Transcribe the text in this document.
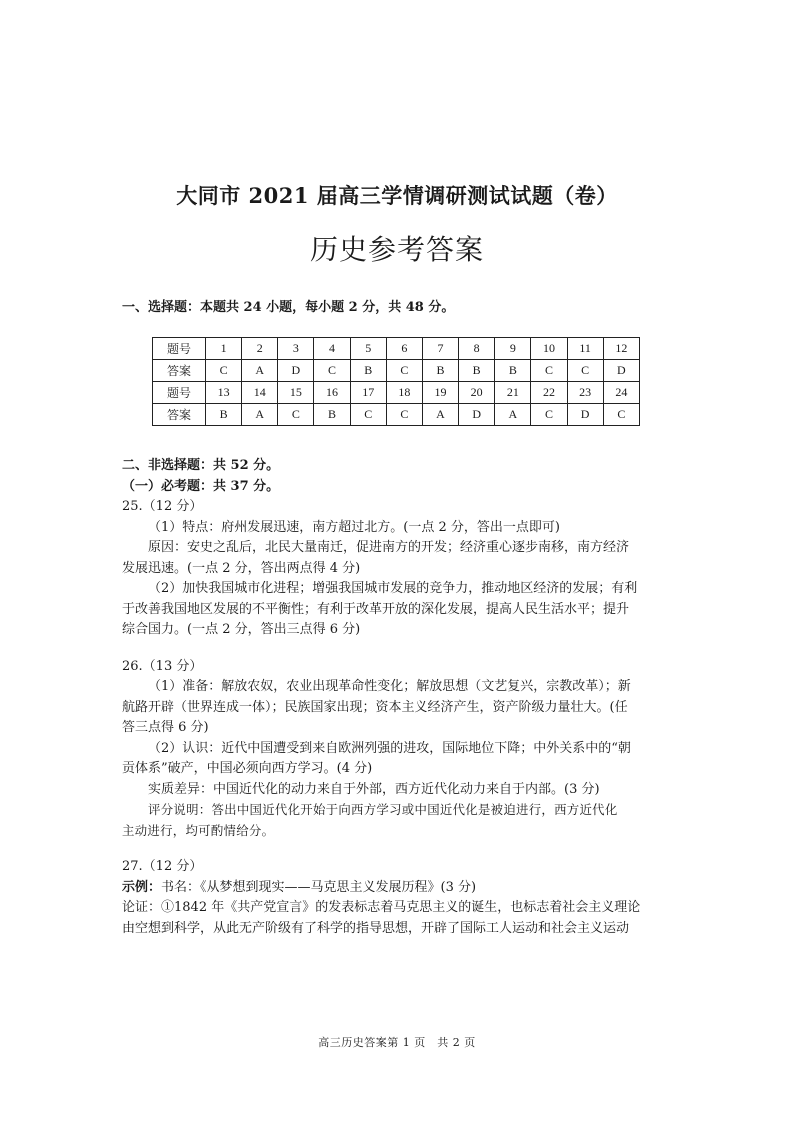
大同市 2021 届高三学情调研测试试题（卷）
历史参考答案
一、选择题：本题共 24 小题，每小题 2 分，共 48 分。
题号	1	2	3	4	5	6	7	8	9	10	11	12
答案	C	A	D	C	B	C	B	B	B	C	C	D
题号	13	14	15	16	17	18	19	20	21	22	23	24
答案	B	A	C	B	C	C	A	D	A	C	D	C
二、非选择题：共 52 分。
（一）必考题：共 37 分。
25.（12 分）
（1）特点：府州发展迅速，南方超过北方。(一点 2 分，答出一点即可)
原因：安史之乱后，北民大量南迁，促进南方的开发；经济重心逐步南移，南方经济
发展迅速。(一点 2 分，答出两点得 4 分)
（2）加快我国城市化进程；增强我国城市发展的竞争力，推动地区经济的发展；有利
于改善我国地区发展的不平衡性；有利于改革开放的深化发展，提高人民生活水平；提升
综合国力。(一点 2 分，答出三点得 6 分)
26.（13 分）
（1）准备：解放农奴，农业出现革命性变化；解放思想（文艺复兴，宗教改革）；新
航路开辟（世界连成一体）；民族国家出现；资本主义经济产生，资产阶级力量壮大。(任
答三点得 6 分)
（2）认识：近代中国遭受到来自欧洲列强的进攻，国际地位下降；中外关系中的“朝
贡体系”破产，中国必须向西方学习。(4 分)
实质差异：中国近代化的动力来自于外部，西方近代化动力来自于内部。(3 分)
评分说明：答出中国近代化开始于向西方学习或中国近代化是被迫进行，西方近代化
主动进行，均可酌情给分。
27.（12 分）
示例：书名：《从梦想到现实——马克思主义发展历程》(3 分)
论证：①1842 年《共产党宣言》的发表标志着马克思主义的诞生，也标志着社会主义理论
由空想到科学，从此无产阶级有了科学的指导思想，开辟了国际工人运动和社会主义运动
高三历史答案第 1 页　共 2 页
